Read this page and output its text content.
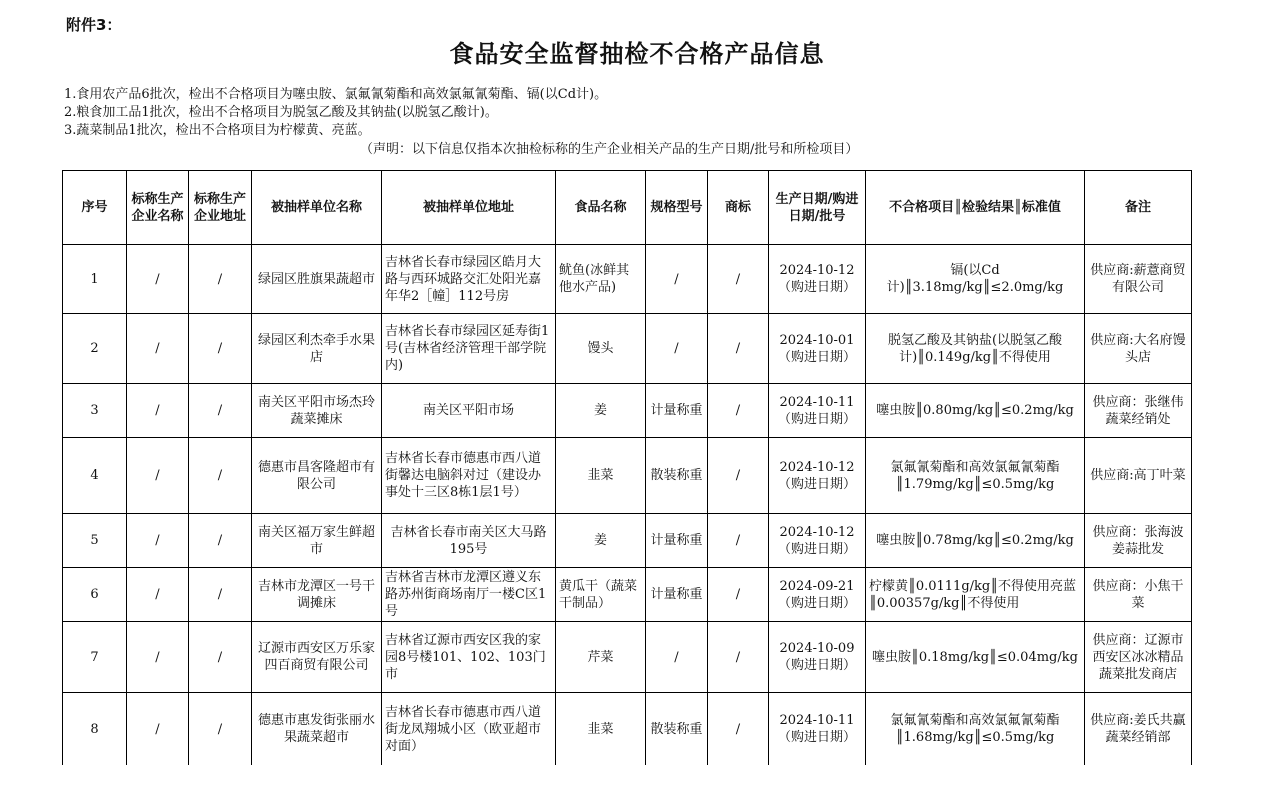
附件3：
食品安全监督抽检不合格产品信息
1.食用农产品6批次，检出不合格项目为噻虫胺、氯氟氰菊酯和高效氯氟氰菊酯、镉(以Cd计)。
2.粮食加工品1批次，检出不合格项目为脱氢乙酸及其钠盐(以脱氢乙酸计)。
3.蔬菜制品1批次，检出不合格项目为柠檬黄、亮蓝。
（声明：以下信息仅指本次抽检标称的生产企业相关产品的生产日期/批号和所检项目）
序号	标称生产企业名称	标称生产企业地址	被抽样单位名称	被抽样单位地址	食品名称	规格型号	商标	生产日期/购进日期/批号	不合格项目║检验结果║标准值	备注
1	/	/	绿园区胜旗果蔬超市	吉林省长春市绿园区皓月大路与西环城路交汇处阳光嘉年华2［幢］112号房	鱿鱼(冰鲜其他水产品)	/	/	2024-10-12（购进日期）	镉(以Cd计)║3.18mg/kg║≤2.0mg/kg	供应商:薪薏商贸有限公司
2	/	/	绿园区利杰牵手水果店	吉林省长春市绿园区延寿街1号(吉林省经济管理干部学院内)	馒头	/	/	2024-10-01（购进日期）	脱氢乙酸及其钠盐(以脱氢乙酸计)║0.149g/kg║不得使用	供应商:大名府馒头店
3	/	/	南关区平阳市场杰玲蔬菜摊床	南关区平阳市场	姜	计量称重	/	2024-10-11（购进日期）	噻虫胺║0.80mg/kg║≤0.2mg/kg	供应商：张继伟蔬菜经销处
4	/	/	德惠市昌客隆超市有限公司	吉林省长春市德惠市西八道街馨达电脑斜对过（建设办事处十三区8栋1层1号）	韭菜	散装称重	/	2024-10-12（购进日期）	氯氟氰菊酯和高效氯氟氰菊酯║1.79mg/kg║≤0.5mg/kg	供应商:高丁叶菜
5	/	/	南关区福万家生鲜超市	吉林省长春市南关区大马路195号	姜	计量称重	/	2024-10-12（购进日期）	噻虫胺║0.78mg/kg║≤0.2mg/kg	供应商：张海波姜蒜批发
6	/	/	吉林市龙潭区一号干调摊床	吉林省吉林市龙潭区遵义东路苏州街商场南厅一楼C区1号	黄瓜干（蔬菜干制品）	计量称重	/	2024-09-21（购进日期）	柠檬黄║0.0111g/kg║不得使用亮蓝║0.00357g/kg║不得使用	供应商：小焦干菜
7	/	/	辽源市西安区万乐家四百商贸有限公司	吉林省辽源市西安区我的家园8号楼101、102、103门市	芹菜	/	/	2024-10-09（购进日期）	噻虫胺║0.18mg/kg║≤0.04mg/kg	供应商：辽源市西安区冰冰精品蔬菜批发商店
8	/	/	德惠市惠发街张丽水果蔬菜超市	吉林省长春市德惠市西八道街龙凤翔城小区（欧亚超市对面）	韭菜	散装称重	/	2024-10-11（购进日期）	氯氟氰菊酯和高效氯氟氰菊酯║1.68mg/kg║≤0.5mg/kg	供应商:姜氏共赢蔬菜经销部
